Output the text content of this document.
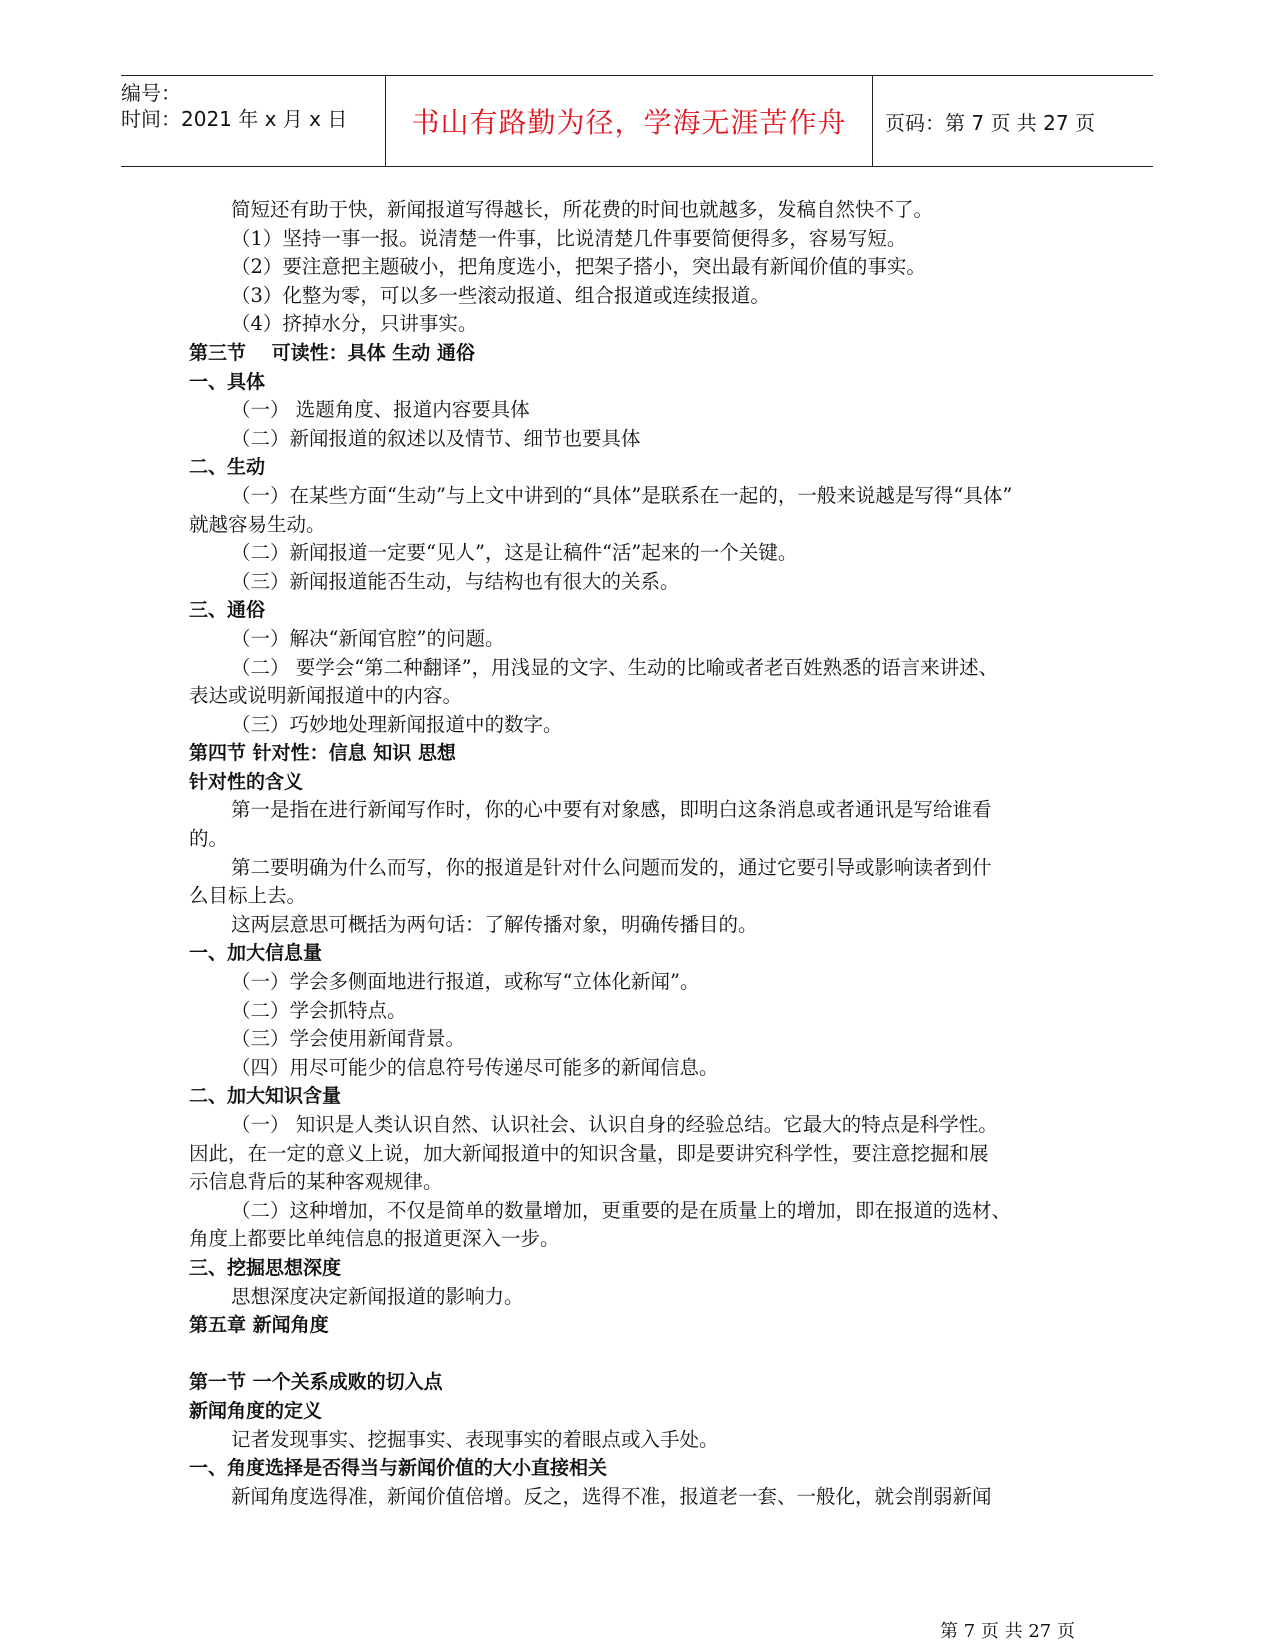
编号：
时间：2021 年 x 月 x 日	书山有路勤为径，学海无涯苦作舟 页码：第 7 页 共 27 页
简短还有助于快，新闻报道写得越长，所花费的时间也就越多，发稿自然快不了。
（1）坚持一事一报。说清楚一件事，比说清楚几件事要简便得多，容易写短。
（2）要注意把主题破小，把角度选小，把架子搭小，突出最有新闻价值的事实。
（3）化整为零，可以多一些滚动报道、组合报道或连续报道。
（4）挤掉水分，只讲事实。
第三节　 可读性：具体 生动 通俗
一、具体
（一） 选题角度、报道内容要具体
（二）新闻报道的叙述以及情节、细节也要具体
二、生动
（一）在某些方面“生动”与上文中讲到的“具体”是联系在一起的，一般来说越是写得“具体”
就越容易生动。
（二）新闻报道一定要“见人”，这是让稿件“活”起来的一个关键。
（三）新闻报道能否生动，与结构也有很大的关系。
三、通俗
（一）解决“新闻官腔”的问题。
（二） 要学会“第二种翻译”，用浅显的文字、生动的比喻或者老百姓熟悉的语言来讲述、
表达或说明新闻报道中的内容。
（三）巧妙地处理新闻报道中的数字。
第四节 针对性：信息 知识 思想
针对性的含义
第一是指在进行新闻写作时，你的心中要有对象感，即明白这条消息或者通讯是写给谁看
的。
第二要明确为什么而写，你的报道是针对什么问题而发的，通过它要引导或影响读者到什
么目标上去。
这两层意思可概括为两句话：了解传播对象，明确传播目的。
一、加大信息量
（一）学会多侧面地进行报道，或称写“立体化新闻”。
（二）学会抓特点。
（三）学会使用新闻背景。
（四）用尽可能少的信息符号传递尽可能多的新闻信息。
二、加大知识含量
（一） 知识是人类认识自然、认识社会、认识自身的经验总结。它最大的特点是科学性。
因此，在一定的意义上说，加大新闻报道中的知识含量，即是要讲究科学性，要注意挖掘和展
示信息背后的某种客观规律。
（二）这种增加，不仅是简单的数量增加，更重要的是在质量上的增加，即在报道的选材、
角度上都要比单纯信息的报道更深入一步。
三、挖掘思想深度
思想深度决定新闻报道的影响力。
第五章 新闻角度
第一节 一个关系成败的切入点
新闻角度的定义
记者发现事实、挖掘事实、表现事实的着眼点或入手处。
一、角度选择是否得当与新闻价值的大小直接相关
新闻角度选得准，新闻价值倍增。反之，选得不准，报道老一套、一般化，就会削弱新闻
第 7 页 共 27 页
